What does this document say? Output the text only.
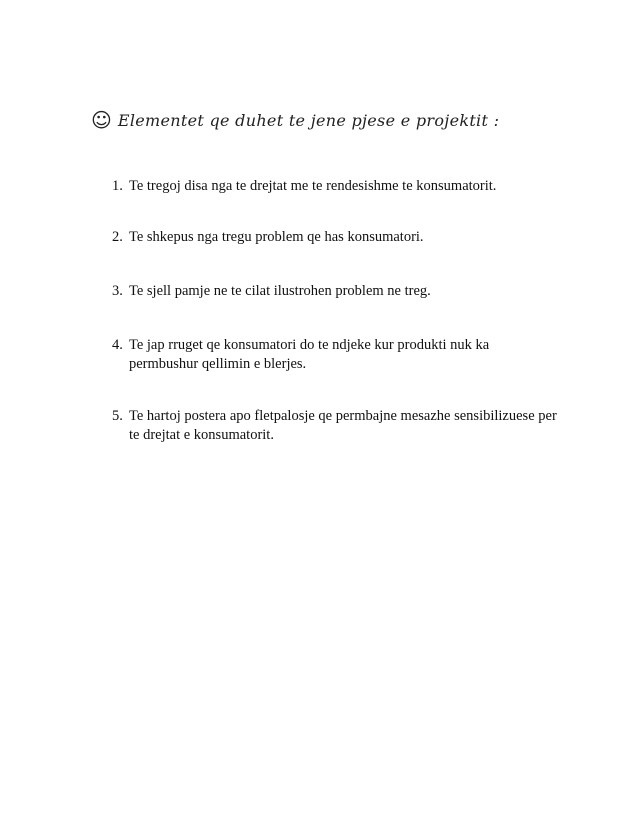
☺ Elementet qe duhet te jene pjese e projektit :
1. Te tregoj disa nga te drejtat me te rendesishme te konsumatorit.
2. Te shkepus nga tregu problem qe has konsumatori.
3. Te sjell pamje ne te cilat ilustrohen problem ne treg.
4. Te jap rruget qe konsumatori do te ndjeke kur produkti nuk ka
permbushur qellimin e blerjes.
5. Te hartoj postera apo fletpalosje qe permbajne mesazhe sensibilizuese per
te drejtat e konsumatorit.
